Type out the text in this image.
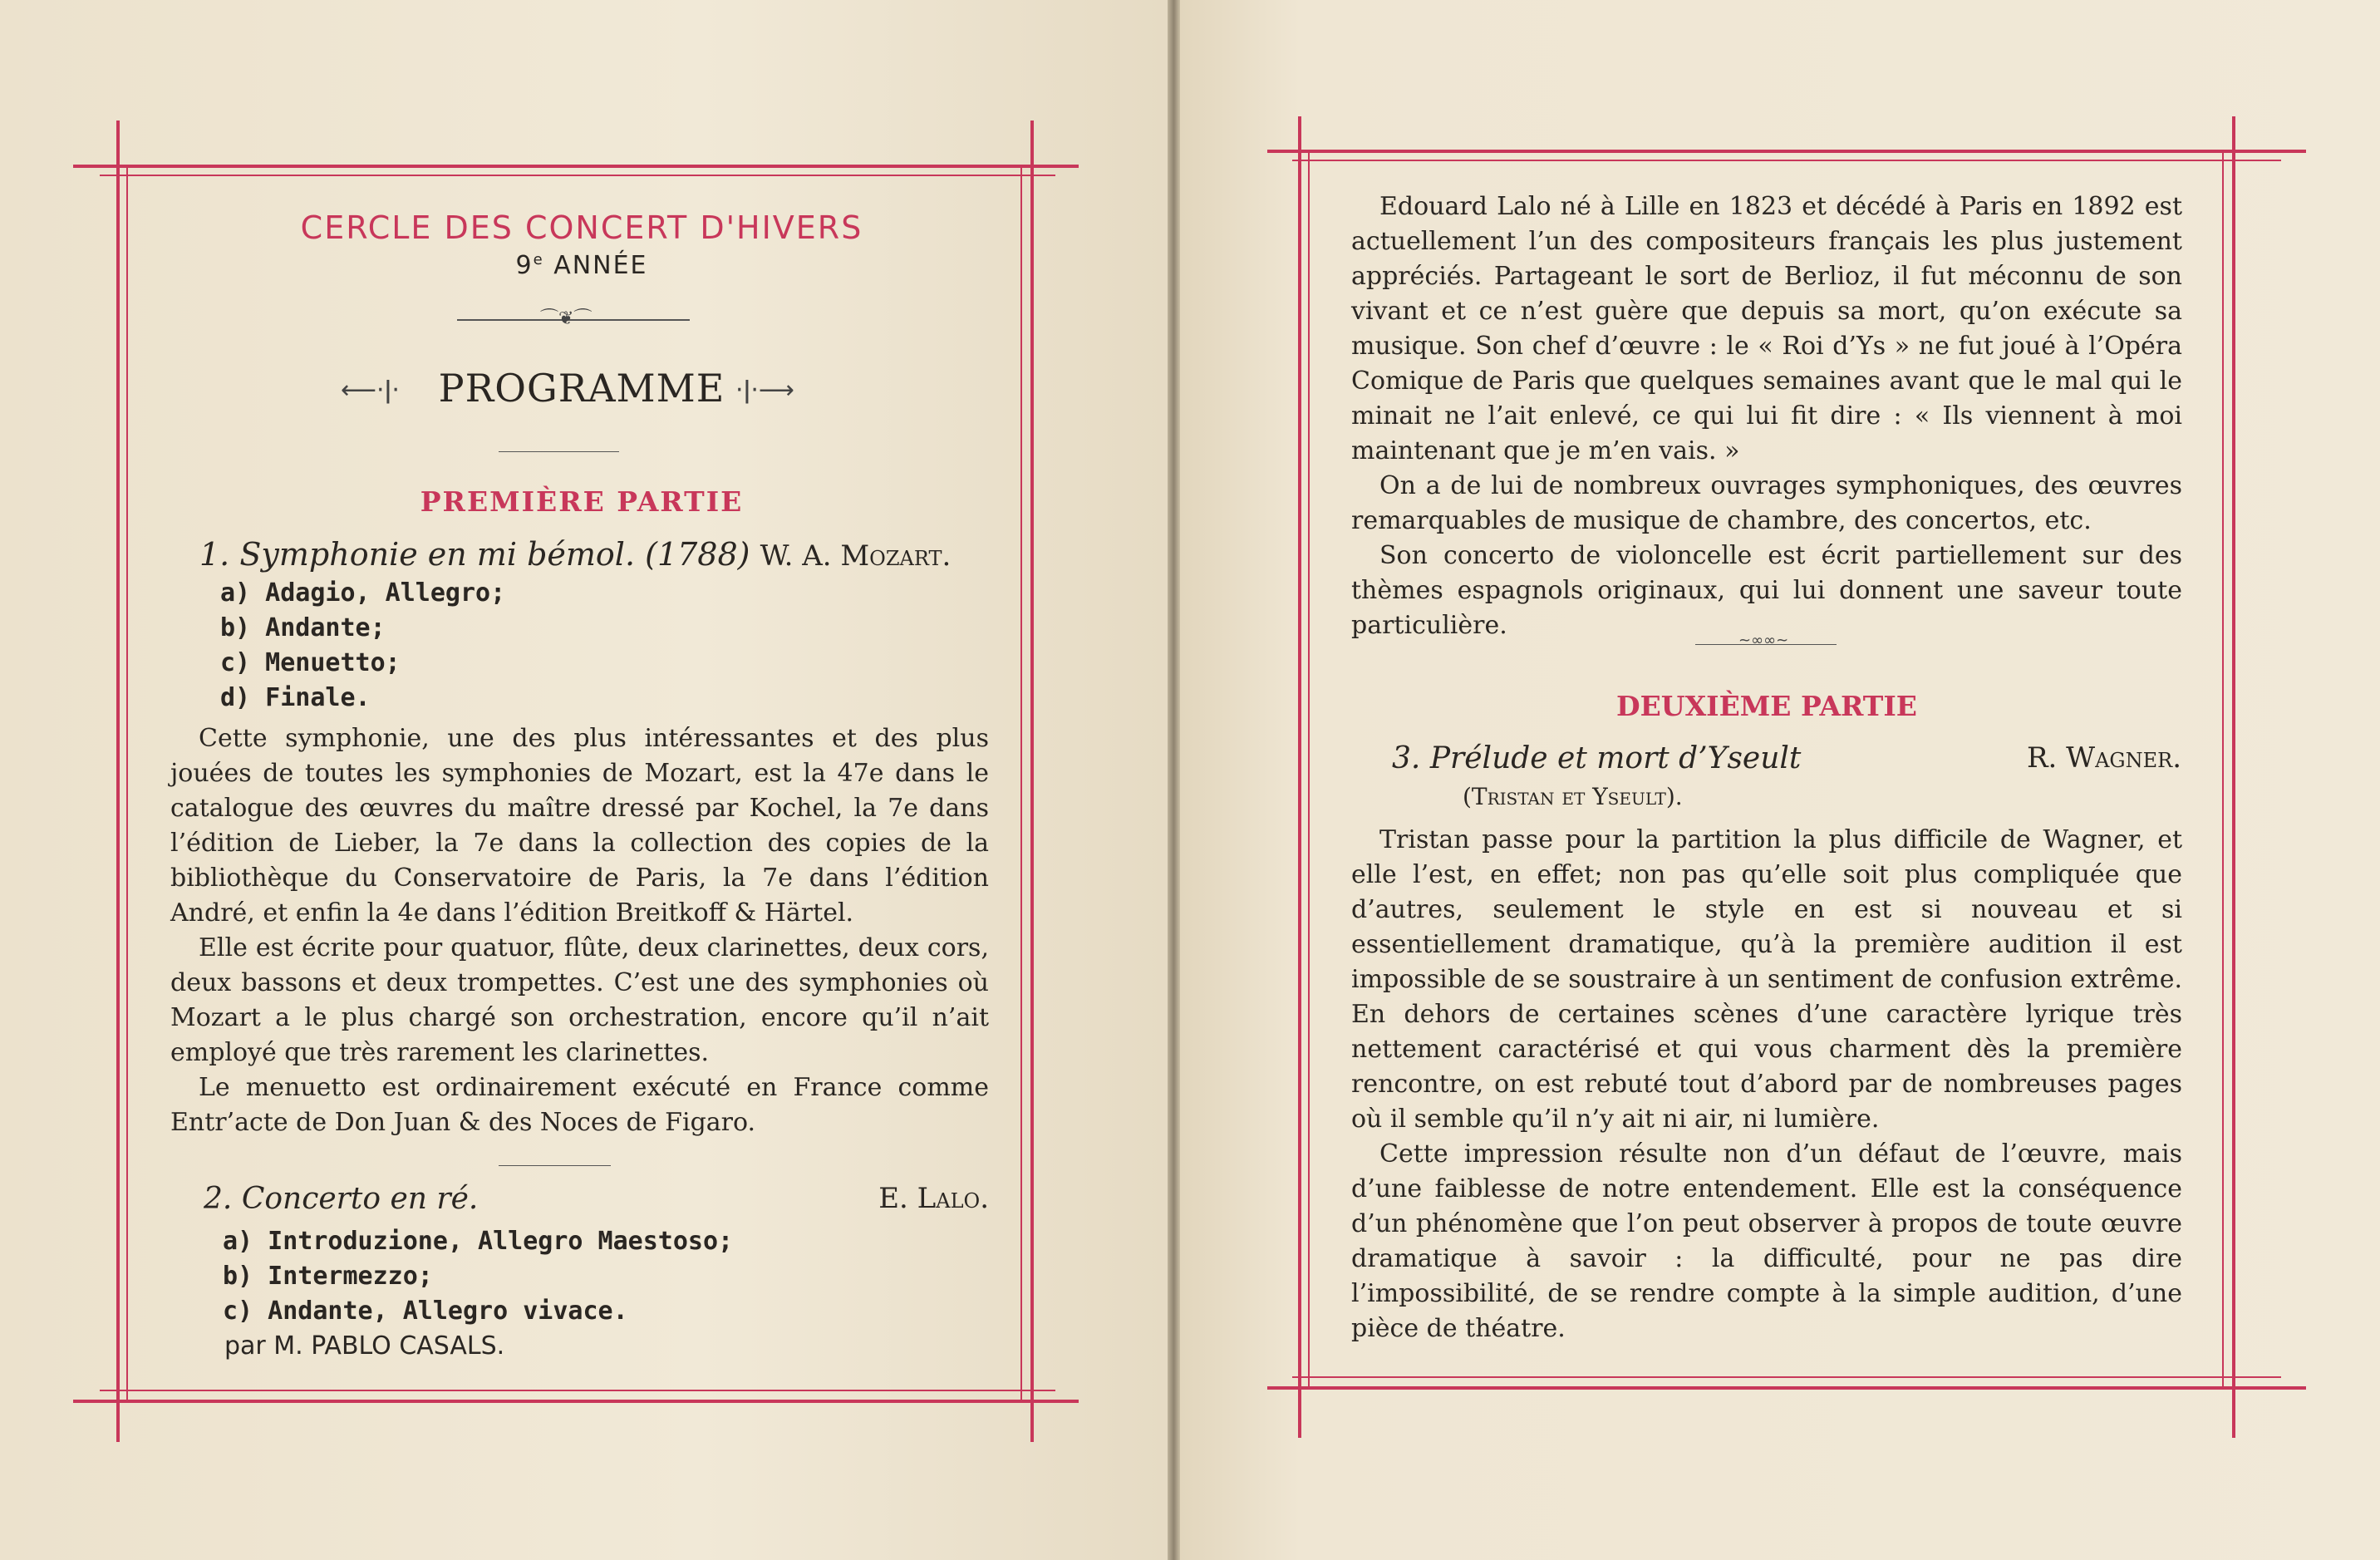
CERCLE DES CONCERT D'HIVERS
9e ANNÉE
⌒❦⌒
⟵·ǀ·	PROGRAMME ·ǀ·⟶
PREMIÈRE PARTIE
1. Symphonie en mi bémol. (1788) W. A. Mozart.
a) Adagio, Allegro;
b) Andante;
c) Menuetto;
d) Finale.

Cette symphonie, une des plus intéressantes et des plus jouées de toutes les symphonies de Mozart, est la 47e dans le catalogue des œuvres du maître dressé par Kochel, la 7e dans l’édition de Lieber, la 7e dans la collection des copies de la bibliothèque du Conservatoire de Paris, la 7e dans l’édition André, et enfin la 4e dans l’édition Breitkoff & Härtel.

Elle est écrite pour quatuor, flûte, deux clarinettes, deux cors, deux bassons et deux trompettes. C’est une des symphonies où Mozart a le plus chargé son orchestration, encore qu’il n’ait employé que très rarement les clarinettes.

Le menuetto est ordinairement exécuté en France comme Entr’acte de Don Juan & des Noces de Figaro.

2. Concerto en ré.	E. Lalo.
a) Introduzione, Allegro Maestoso;
b) Intermezzo;
c) Andante, Allegro vivace.
par M. PABLO CASALS.

Edouard Lalo né à Lille en 1823 et décédé à Paris en 1892 est actuellement l’un des compositeurs français les plus justement appréciés. Partageant le sort de Berlioz, il fut méconnu de son vivant et ce n’est guère que depuis sa mort, qu’on exécute sa musique. Son chef d’œuvre : le « Roi d’Ys » ne fut joué à l’Opéra Comique de Paris que quelques semaines avant que le mal qui le minait ne l’ait enlevé, ce qui lui fit dire : « Ils viennent à moi maintenant que je m’en vais. »

On a de lui de nombreux ouvrages symphoniques, des œuvres remarquables de musique de chambre, des concertos, etc.

Son concerto de violoncelle est écrit partiellement sur des thèmes espagnols originaux, qui lui donnent une saveur toute particulière.

~∞∞~
DEUXIÈME PARTIE
3. Prélude et mort d’Yseult	R. Wagner.
(Tristan et Yseult).

Tristan passe pour la partition la plus difficile de Wagner, et elle l’est, en effet; non pas qu’elle soit plus compliquée que d’autres, seulement le style en est si nouveau et si essentiellement dramatique, qu’à la première audition il est impossible de se soustraire à un sentiment de confusion extrême. En dehors de certaines scènes d’une caractère lyrique très nettement caractérisé et qui vous charment dès la première rencontre, on est rebuté tout d’abord par de nombreuses pages où il semble qu’il n’y ait ni air, ni lumière.

Cette impression résulte non d’un défaut de l’œuvre, mais d’une faiblesse de notre entendement. Elle est la conséquence d’un phénomène que l’on peut observer à propos de toute œuvre dramatique à savoir : la difficulté, pour ne pas dire l’impossibilité, de se rendre compte à la simple audition, d’une pièce de théatre.
